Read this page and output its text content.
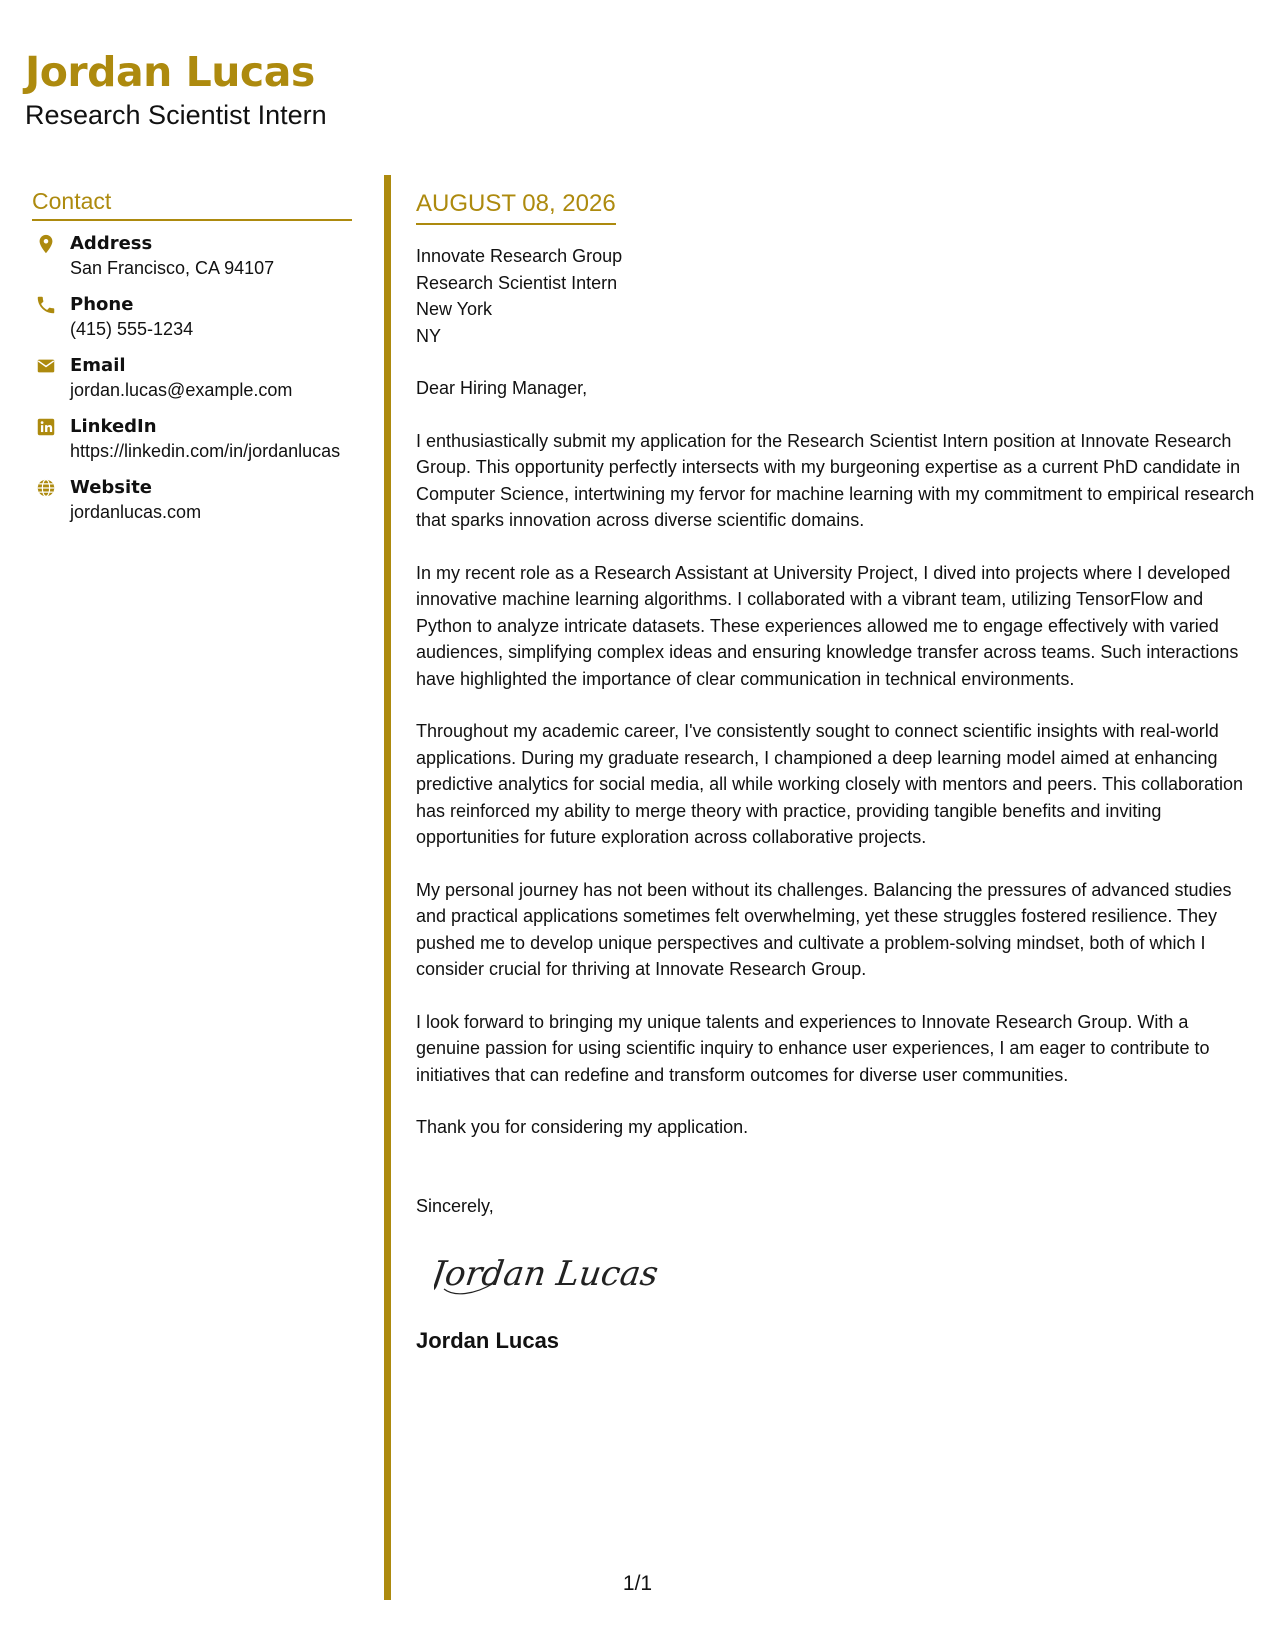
Jordan Lucas
Research Scientist Intern
Contact
Address
San Francisco, CA 94107
Phone
(415) 555-1234
Email
jordan.lucas@example.com
LinkedIn
https://linkedin.com/in/jordanlucas
Website
jordanlucas.com
AUGUST 08, 2026
Innovate Research Group
Research Scientist Intern
New York
NY
Dear Hiring Manager,

I enthusiastically submit my application for the Research Scientist Intern position at Innovate Research Group. This opportunity perfectly intersects with my burgeoning expertise as a current PhD candidate in Computer Science, intertwining my fervor for machine learning with my commitment to empirical research that sparks innovation across diverse scientific domains.

In my recent role as a Research Assistant at University Project, I dived into projects where I developed innovative machine learning algorithms. I collaborated with a vibrant team, utilizing TensorFlow and Python to analyze intricate datasets. These experiences allowed me to engage effectively with varied audiences, simplifying complex ideas and ensuring knowledge transfer across teams. Such interactions have highlighted the importance of clear communication in technical environments.

Throughout my academic career, I've consistently sought to connect scientific insights with real-world applications. During my graduate research, I championed a deep learning model aimed at enhancing predictive analytics for social media, all while working closely with mentors and peers. This collaboration has reinforced my ability to merge theory with practice, providing tangible benefits and inviting opportunities for future exploration across collaborative projects.

My personal journey has not been without its challenges. Balancing the pressures of advanced studies and practical applications sometimes felt overwhelming, yet these struggles fostered resilience. They pushed me to develop unique perspectives and cultivate a problem-solving mindset, both of which I consider crucial for thriving at Innovate Research Group.

I look forward to bringing my unique talents and experiences to Innovate Research Group. With a genuine passion for using scientific inquiry to enhance user experiences, I am eager to contribute to initiatives that can redefine and transform outcomes for diverse user communities.

Thank you for considering my application.

Sincerely,
Jordan Lucas
Jordan Lucas
1/1
